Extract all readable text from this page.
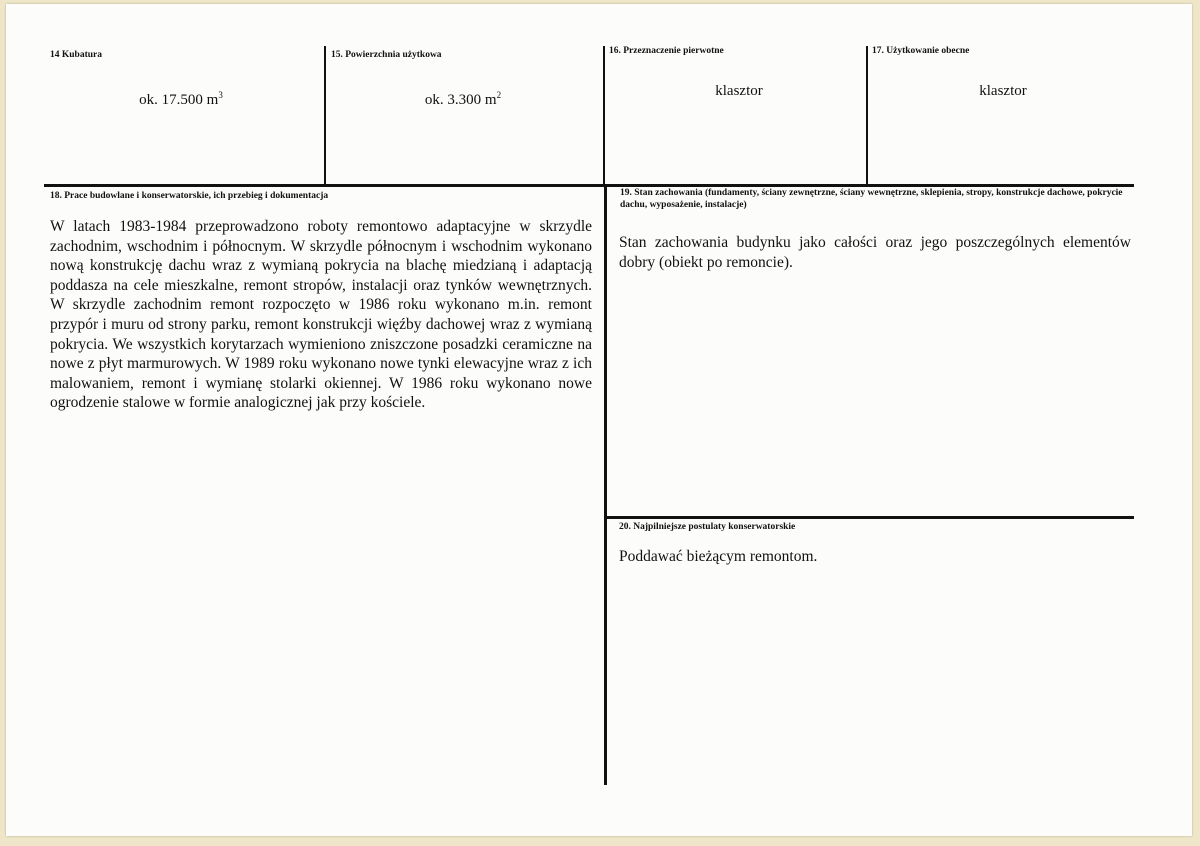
14 Kubatura	15. Powierzchnia użytkowa	16. Przeznaczenie pierwotne	17. Użytkowanie obecne
ok. 17.500 $m^3$	ok. 3.300 $m^2$	klasztor	klasztor
18. Prace budowlane i konserwatorskie, ich przebieg i dokumentacja
W latach 1983-1984 przeprowadzono roboty remontowo adaptacyjne w skrzydle zachodnim, wschodnim i północnym. W skrzydle północnym i wschodnim wykonano nową konstrukcję dachu wraz z wymianą pokrycia na blachę miedzianą i adaptacją poddasza na cele mieszkalne, remont stropów, instalacji oraz tynków wewnętrznych. W skrzydle zachodnim remont rozpoczęto w 1986 roku wykonano m.in. remont przypór i muru od strony parku, remont konstrukcji więźby dachowej wraz z wymianą pokrycia. We wszystkich korytarzach wymieniono zniszczone posadzki ceramiczne na nowe z płyt marmurowych. W 1989 roku wykonano nowe tynki elewacyjne wraz z ich malowaniem, remont i wymianę stolarki okiennej. W 1986 roku wykonano nowe ogrodzenie stalowe w formie analogicznej jak przy kościele.
19. Stan zachowania (fundamenty, ściany zewnętrzne, ściany wewnętrzne, sklepienia, stropy, konstrukcje dachowe, pokrycie dachu, wyposażenie, instalacje)
Stan zachowania budynku jako całości oraz jego poszczególnych elementów dobry (obiekt po remoncie).
20. Najpilniejsze postulaty konserwatorskie
Poddawać bieżącym remontom.
